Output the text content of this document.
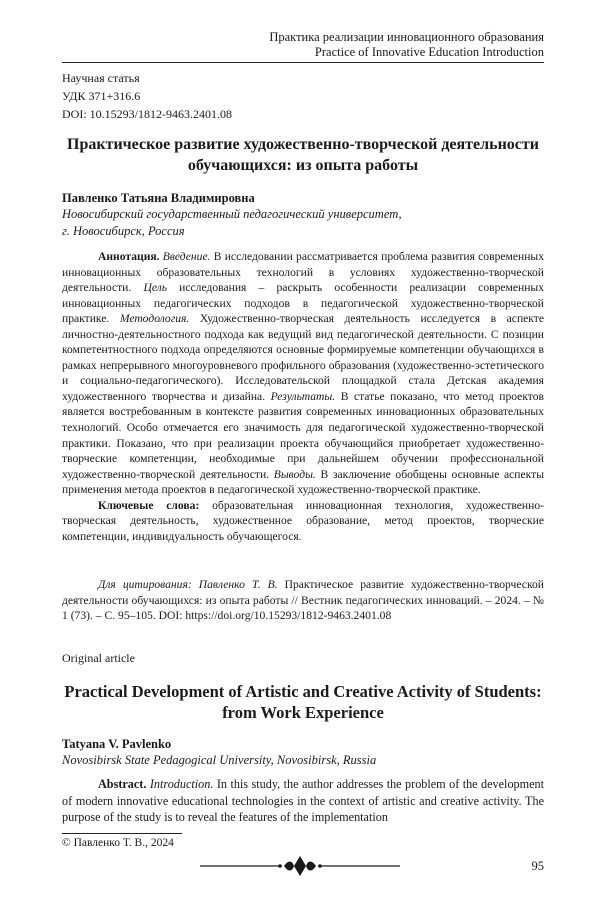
Практика реализации инновационного образования
Practice of Innovative Education Introduction
Научная статья
УДК 371+316.6
DOI: 10.15293/1812-9463.2401.08
Практическое развитие художественно-творческой деятельности обучающихся: из опыта работы
Павленко Татьяна Владимировна
Новосибирский государственный педагогический университет,
г. Новосибирск, Россия

Аннотация. Введение. В исследовании рассматривается проблема развития современных инновационных образовательных технологий в условиях художественно-творческой деятельности. Цель исследования – раскрыть особенности реализации современных инновационных педагогических подходов в педагогической художественно-творческой практике. Методология. Художественно-творческая деятельность исследуется в аспекте личностно-деятельностного подхода как ведущий вид педагогической деятельности. С позиции компетентностного подхода определяются основные формируемые компетенции обучающихся в рамках непрерывного многоуровневого профильного образования (художественно-эстетического и социально-педагогического). Исследовательской площадкой стала Детская академия художественного творчества и дизайна. Результаты. В статье показано, что метод проектов является востребованным в контексте развития современных инновационных образовательных технологий. Особо отмечается его значимость для педагогической художественно-творческой практики. Показано, что при реализации проекта обучающийся приобретает художественно-творческие компетенции, необходимые при дальнейшем обучении профессиональной художественно-творческой деятельности. Выводы. В заключение обобщены основные аспекты применения метода проектов в педагогической художественно-творческой практике.

Ключевые слова: образовательная инновационная технология, художественно-творческая деятельность, художественное образование, метод проектов, творческие компетенции, индивидуальность обучающегося.

Для цитирования: Павленко Т. В. Практическое развитие художественно-творческой деятельности обучающихся: из опыта работы // Вестник педагогических инноваций. – 2024. – № 1 (73). – С. 95–105. DOI: https://doi.org/10.15293/1812-9463.2401.08
Original article
Practical Development of Artistic and Creative Activity of Students: from Work Experience
Tatyana V. Pavlenko
Novosibirsk State Pedagogical University, Novosibirsk, Russia

Abstract. Introduction. In this study, the author addresses the problem of the development of modern innovative educational technologies in the context of artistic and creative activity. The purpose of the study is to reveal the features of the implementation

© Павленко Т. В., 2024
95
